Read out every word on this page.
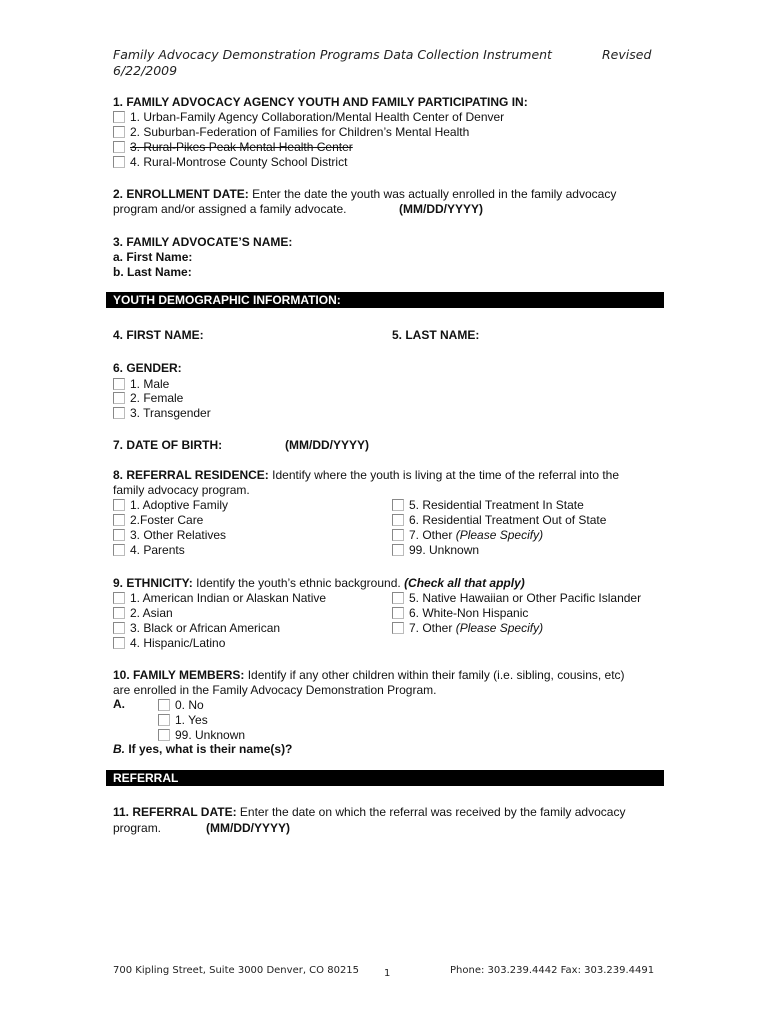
Family Advocacy Demonstration Programs Data Collection Instrument	Revised
6/22/2009
1. FAMILY ADVOCACY AGENCY YOUTH AND FAMILY PARTICIPATING IN:
1. Urban-Family Agency Collaboration/Mental Health Center of Denver
2. Suburban-Federation of Families for Children’s Mental Health
3. Rural-Pikes Peak Mental Health Center
4. Rural-Montrose County School District
2. ENROLLMENT DATE: Enter the date the youth was actually enrolled in the family advocacy
program and/or assigned a family advocate.	(MM/DD/YYYY)
3. FAMILY ADVOCATE’S NAME:
a. First Name:
b. Last Name:
YOUTH DEMOGRAPHIC INFORMATION:
4. FIRST NAME:	5. LAST NAME:
6. GENDER:
1. Male
2. Female
3. Transgender
7. DATE OF BIRTH:	(MM/DD/YYYY)
8. REFERRAL RESIDENCE: Identify where the youth is living at the time of the referral into the
family advocacy program.
1. Adoptive Family
2.Foster Care
3. Other Relatives
4. Parents
5. Residential Treatment In State
6. Residential Treatment Out of State
7. Other
(Please Specify)
99. Unknown
9. ETHNICITY: Identify the youth’s ethnic background. (Check all that apply)
1. American Indian or Alaskan Native
2. Asian
3. Black or African American
4. Hispanic/Latino
5. Native Hawaiian or Other Pacific Islander
6. White-Non Hispanic
7. Other
(Please Specify)
10. FAMILY MEMBERS: Identify if any other children within their family (i.e. sibling, cousins, etc)
are enrolled in the Family Advocacy Demonstration Program.
A.	0. No
1. Yes
99. Unknown
B. If yes, what is their name(s)?
REFERRAL
11. REFERRAL DATE: Enter the date on which the referral was received by the family advocacy
program.	(MM/DD/YYYY)
700 Kipling Street, Suite 3000 Denver, CO 80215 1	Phone: 303.239.4442 Fax: 303.239.4491
